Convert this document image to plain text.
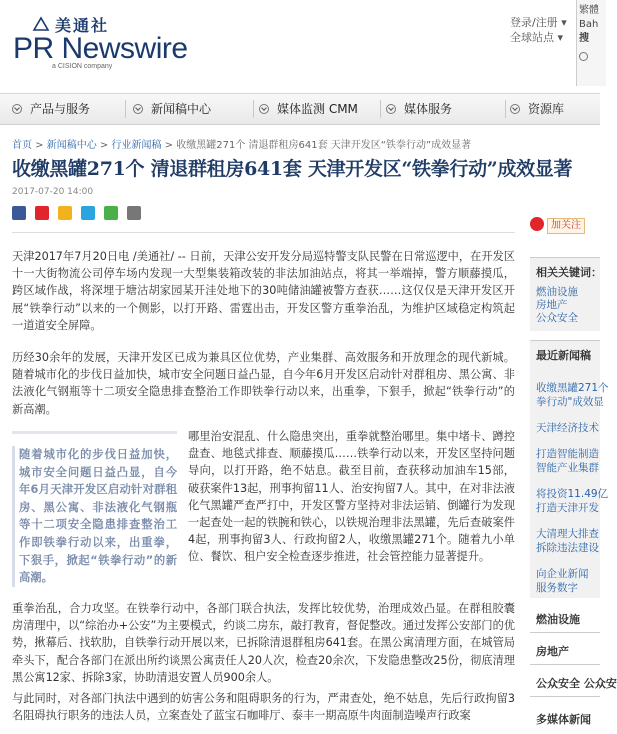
美通社
PR Newswire
a CISION company
登录/注册 ▾
全球站点 ▾
繁體
Bah
搜
产品与服务	新闻稿中心	媒体监测 CMM	媒体服务	资源库
首页 > 新闻稿中心 > 行业新闻稿 > 收缴黑罐271个 清退群租房641套 天津开发区“铁拳行动”成效显著
收缴黑罐271个 清退群租房641套 天津开发区“铁拳行动”成效显著
2017-07-20 14:00

天津2017年7月20日电 /美通社/ -- 日前，天津公安开发分局巡特警支队民警在日常巡逻中，在开发区十一大街物流公司停车场内发现一大型集装箱改装的非法加油站点，将其一举端掉，警方顺藤摸瓜，跨区域作战，将深埋于塘沽胡家园某开洼处地下的30吨储油罐被警方查获……这仅仅是天津开发区开展“铁拳行动”以来的一个侧影，以打开路、雷霆出击，开发区警方重拳治乱，为维护区域稳定构筑起一道道安全屏障。

历经30余年的发展，天津开发区已成为兼具区位优势，产业集群、高效服务和开放理念的现代新城。随着城市化的步伐日益加快，城市安全问题日益凸显，自今年6月开发区启动针对群租房、黑公寓、非法液化气钢瓶等十二项安全隐患排查整治工作即铁拳行动以来，出重拳，下狠手，掀起“铁拳行动”的新高潮。

重拳治乱，合力攻坚。在铁拳行动中，各部门联合执法，发挥比较优势，治理成效凸显。在群租胶囊房清理中，以“综治办+公安”为主要模式，约谈二房东，敲打教育，督促整改。通过发挥公安部门的优势，揪幕后、找软肋，自铁拳行动开展以来，已拆除清退群租房641套。在黑公寓清理方面，在城管局牵头下，配合各部门在派出所约谈黑公寓责任人20人次，检查20余次，下发隐患整改25份，彻底清理黑公寓12家、拆除3家，协助清退安置人员900余人。

与此同时，对各部门执法中遇到的妨害公务和阻碍职务的行为，严肃查处，绝不姑息，先后行政拘留3名阻碍执行职务的违法人员，立案查处了蓝宝石咖啡厅、泰丰一期高原牛肉面制造噪声行政案

随着城市化的步伐日益加快，城市安全问题日益凸显，自今年6月天津开发区启动针对群租房、黑公寓、非法液化气钢瓶等十二项安全隐患排查整治工作即铁拳行动以来，出重拳，下狠手，掀起“铁拳行动”的新高潮。
哪里治安混乱、什么隐患突出，重拳就整治哪里。集中堵卡、蹲控盘查、地毯式排查、顺藤摸瓜……铁拳行动以来，开发区坚持问题导向，以打开路，绝不姑息。截至目前，查获移动加油车15部，破获案件13起，刑事拘留11人、治安拘留7人。其中，在对非法液化气黑罐严查严打中，开发区警方坚持对非法运销、倒罐行为发现一起查处一起的铁腕和铁心，以铁规治理非法黑罐，先后查破案件4起，刑事拘留3人、行政拘留2人，收缴黑罐271个。随着九小单位、餐饮、租户安全检查逐步推进，社会管控能力显著提升。
加关注
相关关键词：
燃油设施
房地产
公众安全
最近新闻稿
收缴黑罐271个
拳行动"成效显
天津经济技术
打造智能制造
智能产业集群
将投资11.49亿
打造天津开发
大清理大排查
拆除违法建设
向企业新闻
服务数字
燃油设施
房地产
公众安全 公众安
多媒体新闻
